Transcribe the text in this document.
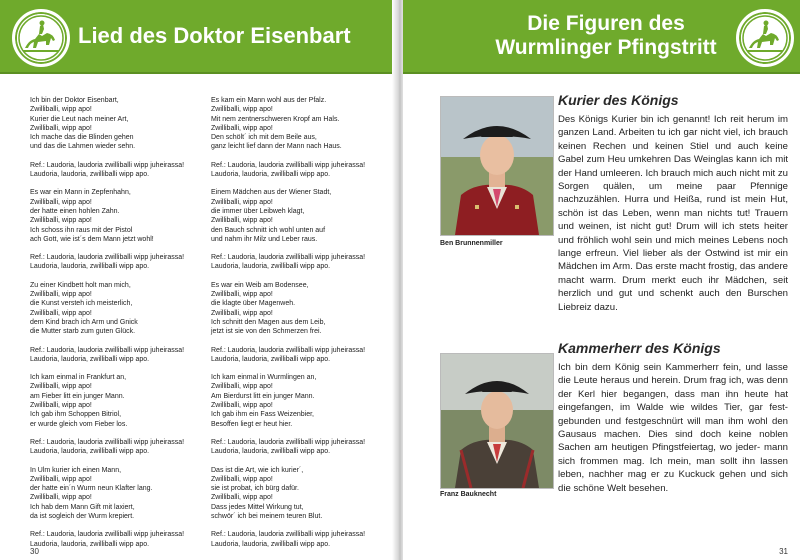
Lied des Doktor Eisenbart
Ich bin der Doktor Eisenbart,
Zwilliballi, wipp apo!
Kurier die Leut nach meiner Art,
Zwilliballi, wipp apo!
Ich mache das die Blinden gehen
und das die Lahmen wieder sehn.
Ref.: Laudoria, laudoria zwilliballi wipp juheirassa!
Laudoria, laudoria, zwilliballi wipp apo.
Es war ein Mann in Zepfenhahn,
Zwilliballi, wipp apo!
der hatte einen hohlen Zahn.
Zwilliballi, wipp apo!
Ich schoss ihn raus mit der Pistol
ach Gott, wie ist´s dem Mann jetzt wohl!
Ref.: Laudoria, laudoria zwilliballi wipp juheirassa!
Laudoria, laudoria, zwilliballi wipp apo.
Zu einer Kindbett holt man mich,
Zwilliballi, wipp apo!
die Kunst versteh ich meisterlich,
Zwilliballi, wipp apo!
dem Kind brach ich Arm und Gnick
die Mutter starb zum guten Glück.
Ref.: Laudoria, laudoria zwilliballi wipp juheirassa!
Laudoria, laudoria, zwilliballi wipp apo.
Ich kam einmal in Frankfurt an,
Zwilliballi, wipp apo!
am Fieber litt ein junger Mann.
Zwilliballi, wipp apo!
Ich gab ihm Schoppen Bitriol,
er wurde gleich vom Fieber los.
Ref.: Laudoria, laudoria zwilliballi wipp juheirassa!
Laudoria, laudoria, zwilliballi wipp apo.
In Ulm kurier ich einen Mann,
Zwilliballi, wipp apo!
der hatte ein´n Wurm neun Klafter lang.
Zwilliballi, wipp apo!
Ich hab dem Mann Gift mit laxiert,
da ist sogleich der Wurm krepiert.
Ref.: Laudoria, laudoria zwilliballi wipp juheirassa!
Laudoria, laudoria, zwilliballi wipp apo.
Es kam ein Mann wohl aus der Pfalz.
Zwilliballi, wipp apo!
Mit nem zentnerschweren Kropf am Hals.
Zwilliballi, wipp apo!
Den schölt´ ich mit dem Beile aus,
ganz leicht lief dann der Mann nach Haus.
Ref.: Laudoria, laudoria zwilliballi wipp juheirassa!
Laudoria, laudoria, zwilliballi wipp apo.
Einem Mädchen aus der Wiener Stadt,
Zwilliballi, wipp apo!
die immer über Leibweh klagt,
Zwilliballi, wipp apo!
den Bauch schnitt ich wohl unten auf
und nahm ihr Milz und Leber raus.
Ref.: Laudoria, laudoria zwilliballi wipp juheirassa!
Laudoria, laudoria, zwilliballi wipp apo.
Es war ein Weib am Bodensee,
Zwilliballi, wipp apo!
die klagte über Magenweh.
Zwilliballi, wipp apo!
Ich schnitt den Magen aus dem Leib,
jetzt ist sie von den Schmerzen frei.
Ref.: Laudoria, laudoria zwilliballi wipp juheirassa!
Laudoria, laudoria, zwilliballi wipp apo.
Ich kam einmal in Wurmlingen an,
Zwilliballi, wipp apo!
Am Bierdurst litt ein junger Mann.
Zwilliballi, wipp apo!
Ich gab ihm ein Fass Weizenbier,
Besoffen liegt er heut hier.
Ref.: Laudoria, laudoria zwilliballi wipp juheirassa!
Laudoria, laudoria, zwilliballi wipp apo.
Das ist die Art, wie ich kurier´,
Zwilliballi, wipp apo!
sie ist probat, ich bürg dafür.
Zwilliballi, wipp apo!
Dass jedes Mittel Wirkung tut,
schwör´ ich bei meinem teuren Blut.
Ref.: Laudoria, laudoria zwilliballi wipp juheirassa!
Laudoria, laudoria, zwilliballi wipp apo.
30
Die Figuren des
Wurmlinger Pfingstritt
Ben Brunnenmiller
Kurier des Königs
Des Königs Kurier bin ich genannt! Ich reit herum im ganzen Land. Arbeiten tu ich gar nicht viel, ich brauch keinen Rechen und keinen Stiel und auch keine Gabel zum Heu umkehren Das Weinglas kann ich mit der Hand umleeren. Ich brauch mich auch nicht mit zu Sorgen quälen, um meine paar Pfennige nachzuzählen. Hurra und Heißa, rund ist mein Hut, schön ist das Leben, wenn man nichts tut! Trauern und weinen, ist nicht gut! Drum will ich stets heiter und fröhlich wohl sein und mich meines Lebens noch lange erfreun. Viel lieber als der Ostwind ist mir ein Mädchen im Arm. Das erste macht frostig, das andere macht warm. Drum merkt euch ihr Mädchen, seit herzlich und gut und schenkt auch den Burschen Liebreiz dazu.
Franz Bauknecht
Kammerherr des Königs
Ich bin dem König sein Kammerherr fein, und lasse die Leute heraus und herein. Drum frag ich, was denn der Kerl hier begangen, dass man ihn heute hat eingefangen, im Walde wie wildes Tier, gar fest- gebunden und festgeschnürt will man ihm wohl den Gausaus machen. Dies sind doch keine noblen Sachen am heutigen Pfingstfeiertag, wo jeder- mann sich frommen mag. Ich mein, man sollt ihn lassen leben, nachher mag er zu Kuckuck gehen und sich die schöne Welt besehen.
31
